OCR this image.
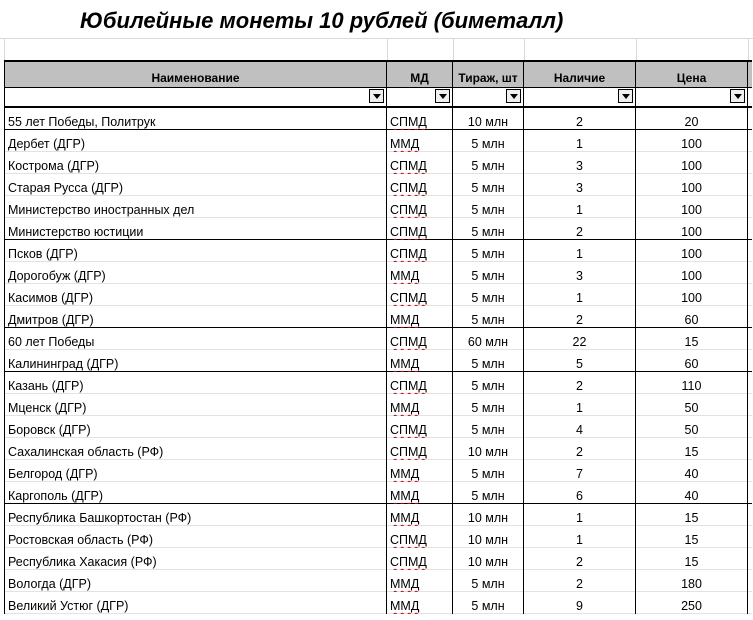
Юбилейные монеты 10 рублей (биметалл)
Наименование	МД	Тираж, шт	Наличие	Цена
55 лет Победы, Политрук	СПМД	10 млн	2	20
Дербет (ДГР)	ММД	5 млн	1	100
Кострома (ДГР)	СПМД	5 млн	3	100
Старая Русса (ДГР)	СПМД	5 млн	3	100
Министерство иностранных дел	СПМД	5 млн	1	100
Министерство юстиции	СПМД	5 млн	2	100
Псков (ДГР)	СПМД	5 млн	1	100
Дорогобуж (ДГР)	ММД	5 млн	3	100
Касимов (ДГР)	СПМД	5 млн	1	100
Дмитров (ДГР)	ММД	5 млн	2	60
60 лет Победы	СПМД	60 млн	22	15
Калининград (ДГР)	ММД	5 млн	5	60
Казань (ДГР)	СПМД	5 млн	2	110
Мценск (ДГР)	ММД	5 млн	1	50
Боровск (ДГР)	СПМД	5 млн	4	50
Сахалинская область (РФ)	СПМД	10 млн	2	15
Белгород (ДГР)	ММД	5 млн	7	40
Каргополь (ДГР)	ММД	5 млн	6	40
Республика Башкортостан (РФ)	ММД	10 млн	1	15
Ростовская область (РФ)	СПМД	10 млн	1	15
Республика Хакасия (РФ)	СПМД	10 млн	2	15
Вологда (ДГР)	ММД	5 млн	2	180
Великий Устюг (ДГР)	ММД	5 млн	9	250
